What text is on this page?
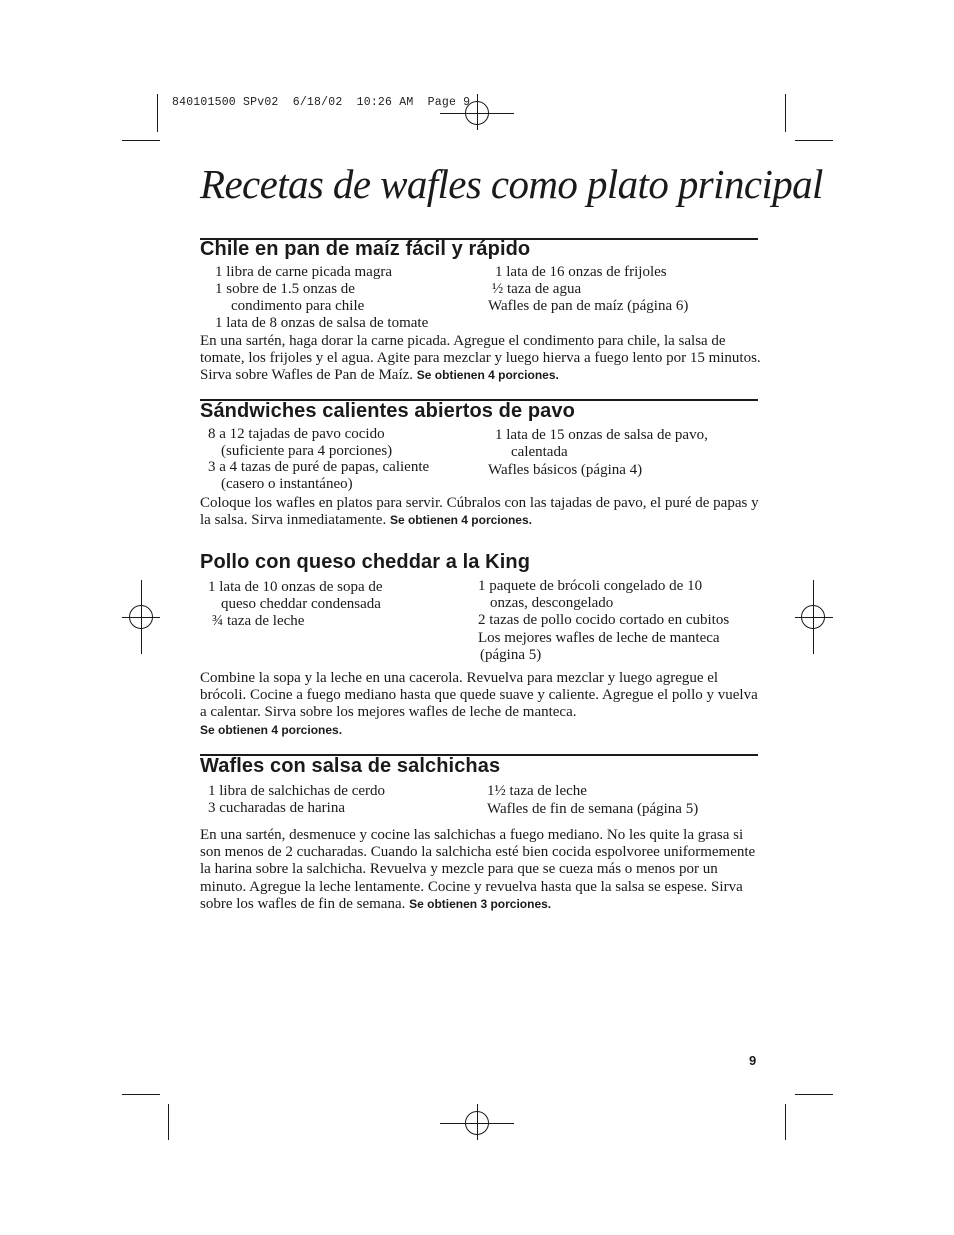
840101500 SPv02  6/18/02  10:26 AM  Page 9
Recetas de wafles como plato principal
Chile en pan de maíz fácil y rápido
1 libra de carne picada magra
1 sobre de 1.5 onzas de
condimento para chile
1 lata de 8 onzas de salsa de tomate
1 lata de 16 onzas de frijoles
½ taza de agua
Wafles de pan de maíz (página 6)
En una sartén, haga dorar la carne picada. Agregue el condimento para chile, la salsa de tomate, los frijoles y el agua. Agite para mezclar y luego hierva a fuego lento por 15 minutos. Sirva sobre Wafles de Pan de Maíz. Se obtienen 4 porciones.
Sándwiches calientes abiertos de pavo
8 a 12 tajadas de pavo cocido
(suficiente para 4 porciones)
3 a 4 tazas de puré de papas, caliente
(casero o instantáneo)
1 lata de 15 onzas de salsa de pavo,
calentada
Wafles básicos (página 4)
Coloque los wafles en platos para servir. Cúbralos con las tajadas de pavo, el puré de papas y la salsa. Sirva inmediatamente. Se obtienen 4 porciones.
Pollo con queso cheddar a la King
1 lata de 10 onzas de sopa de
queso cheddar condensada
¾ taza de leche
1 paquete de brócoli congelado de 10
onzas, descongelado
2 tazas de pollo cocido cortado en cubitos
Los mejores wafles de leche de manteca
(página 5)
Combine la sopa y la leche en una cacerola. Revuelva para mezclar y luego agregue el brócoli. Cocine a fuego mediano hasta que quede suave y caliente. Agregue el pollo y vuelva a calentar. Sirva sobre los mejores wafles de leche de manteca.
Se obtienen 4 porciones.
Wafles con salsa de salchichas
1 libra de salchichas de cerdo
3 cucharadas de harina
1½ taza de leche
Wafles de fin de semana (página 5)
En una sartén, desmenuce y cocine las salchichas a fuego mediano. No les quite la grasa si son menos de 2 cucharadas. Cuando la salchicha esté bien cocida espolvoree uniformemente la harina sobre la salchicha. Revuelva y mezcle para que se cueza más o menos por un minuto. Agregue la leche lentamente. Cocine y revuelva hasta que la salsa se espese. Sirva sobre los wafles de fin de semana. Se obtienen 3 porciones.
9
